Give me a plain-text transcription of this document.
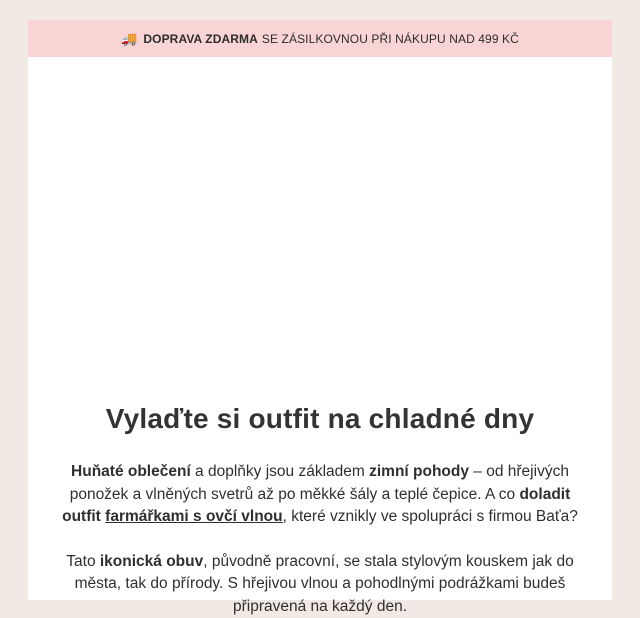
🚚 DOPRAVA ZDARMA SE ZÁSILKOVNOU PŘI NÁKUPU NAD 499 KČ
Vylaďte si outfit na chladné dny

Huňaté oblečení a doplňky jsou základem zimní pohody – od hřejivých ponožek a vlněných svetrů až po měkké šály a teplé čepice. A co doladit outfit farmářkami s ovčí vlnou, které vznikly ve spolupráci s firmou Baťa?

Tato ikonická obuv, původně pracovní, se stala stylovým kouskem jak do města, tak do přírody. S hřejivou vlnou a pohodlnými podrážkami budeš připravená na každý den.
